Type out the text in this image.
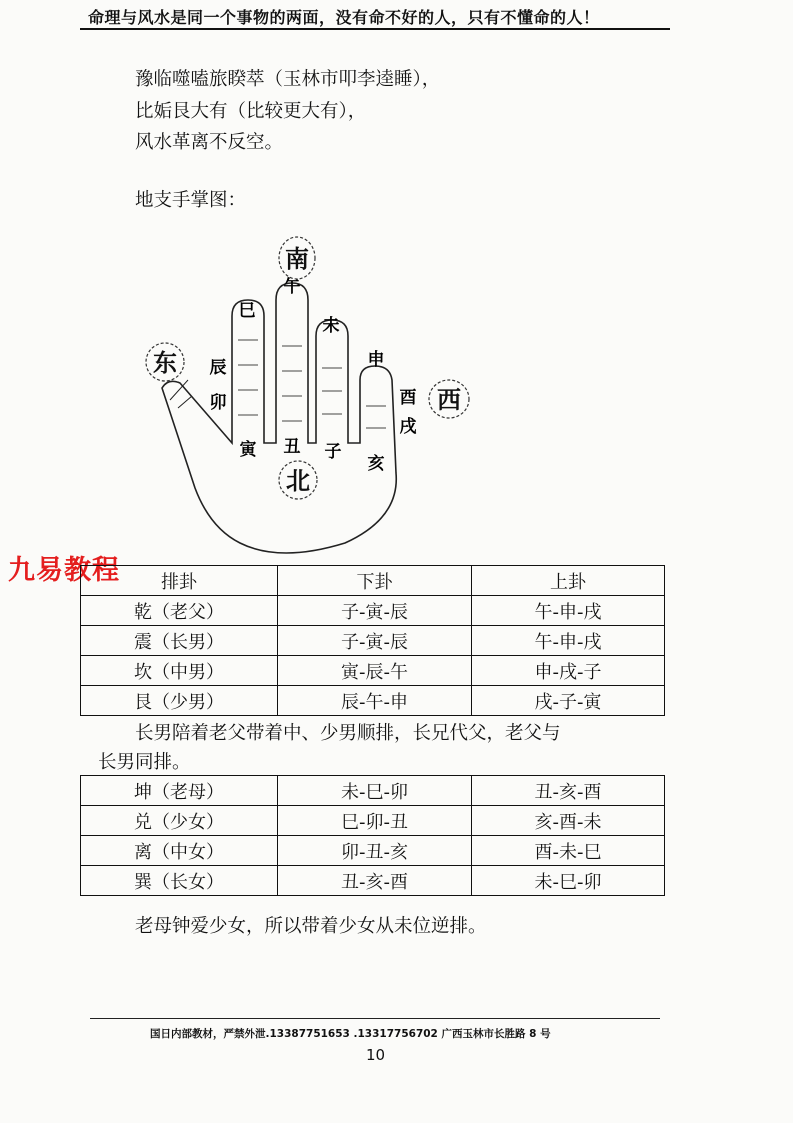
命理与风水是同一个事物的两面，没有命不好的人，只有不懂命的人！
豫临噬嗑旅睽萃（玉林市叩李逵睡），
比姤艮大有（比较更大有），
风水革离不反空。
地支手掌图：
南
东
西
北
午
巳
未
申
辰
卯	酉
戌
寅 丑 子
亥
九易教程 排卦	下卦	上卦
乾（老父）	子-寅-辰	午-申-戌
震（长男）	子-寅-辰	午-申-戌
坎（中男）	寅-辰-午	申-戌-子
艮（少男）	辰-午-申	戌-子-寅
长男陪着老父带着中、少男顺排，长兄代父，老父与
长男同排。
坤（老母）	未-巳-卯	丑-亥-酉
兑（少女）	巳-卯-丑	亥-酉-未
离（中女）	卯-丑-亥	酉-未-巳
巽（长女）	丑-亥-酉	未-巳-卯
老母钟爱少女，所以带着少女从未位逆排。
国日内部教材，严禁外泄.13387751653 .13317756702 广西玉林市长胜路 8 号
10
